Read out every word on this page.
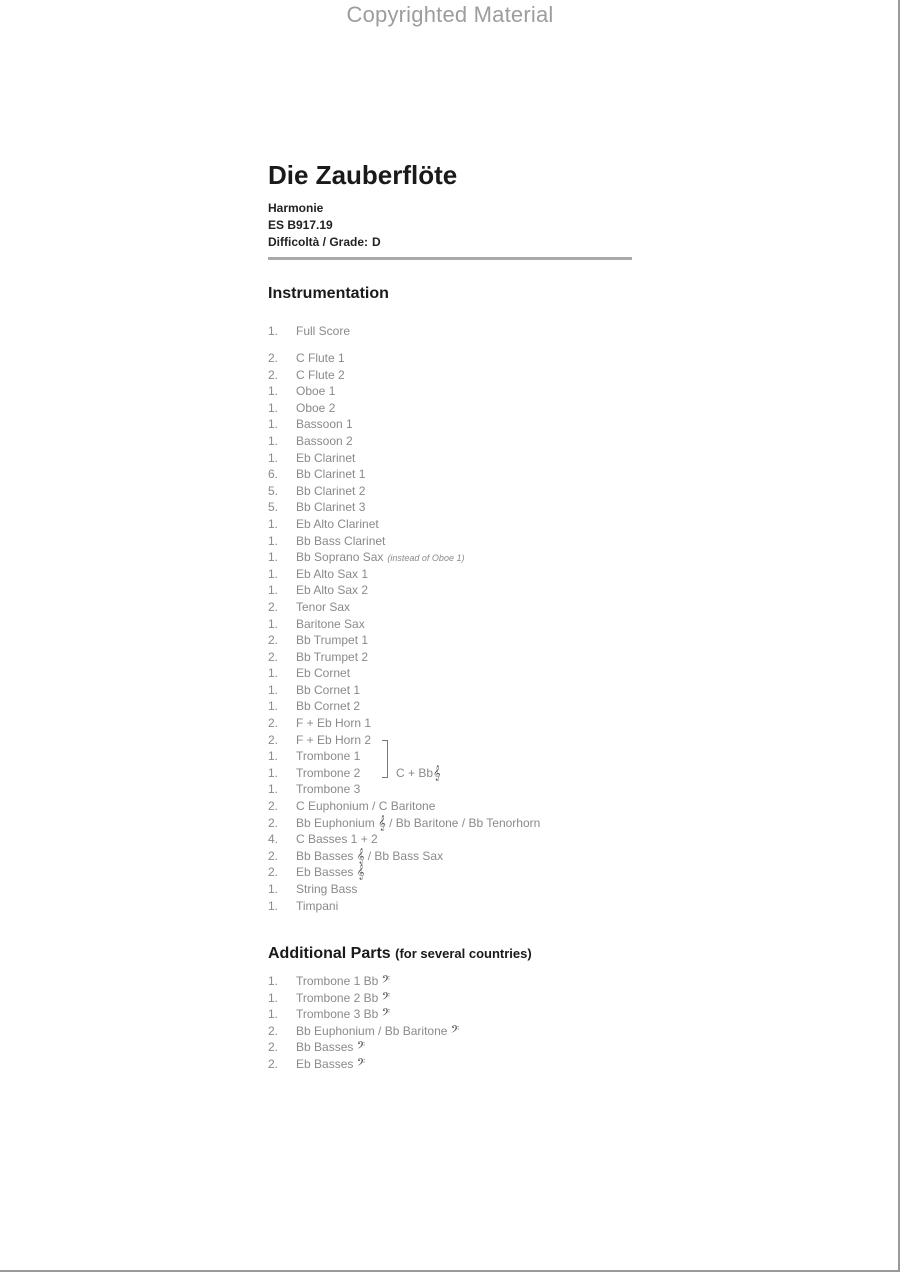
Copyrighted Material
Die Zauberflöte
Harmonie
ES B917.19
Difficoltà / Grade: D
Instrumentation
1. Full Score
2. C Flute 1
2. C Flute 2
1. Oboe 1
1. Oboe 2
1. Bassoon 1
1. Bassoon 2
1. Eb Clarinet
6. Bb Clarinet 1
5. Bb Clarinet 2
5. Bb Clarinet 3
1. Eb Alto Clarinet
1. Bb Bass Clarinet
1. Bb Soprano Sax (instead of Oboe 1)
1. Eb Alto Sax 1
1. Eb Alto Sax 2
2. Tenor Sax
1. Baritone Sax
2. Bb Trumpet 1
2. Bb Trumpet 2
1. Eb Cornet
1. Bb Cornet 1
1. Bb Cornet 2
2. F + Eb Horn 1
2. F + Eb Horn 2
1. Trombone 1
1. Trombone 2
1. Trombone 3
2. C Euphonium / C Baritone
2. Bb Euphonium 𝄞 / Bb Baritone / Bb Tenorhorn
4. C Basses 1 + 2
2. Bb Basses 𝄞 / Bb Bass Sax
2. Eb Basses 𝄞
1. String Bass
1. Timpani
C + Bb𝄞
Additional Parts (for several countries)
1. Trombone 1 Bb 𝄢
1. Trombone 2 Bb 𝄢
1. Trombone 3 Bb 𝄢
2. Bb Euphonium / Bb Baritone 𝄢
2. Bb Basses 𝄢
2. Eb Basses 𝄢
